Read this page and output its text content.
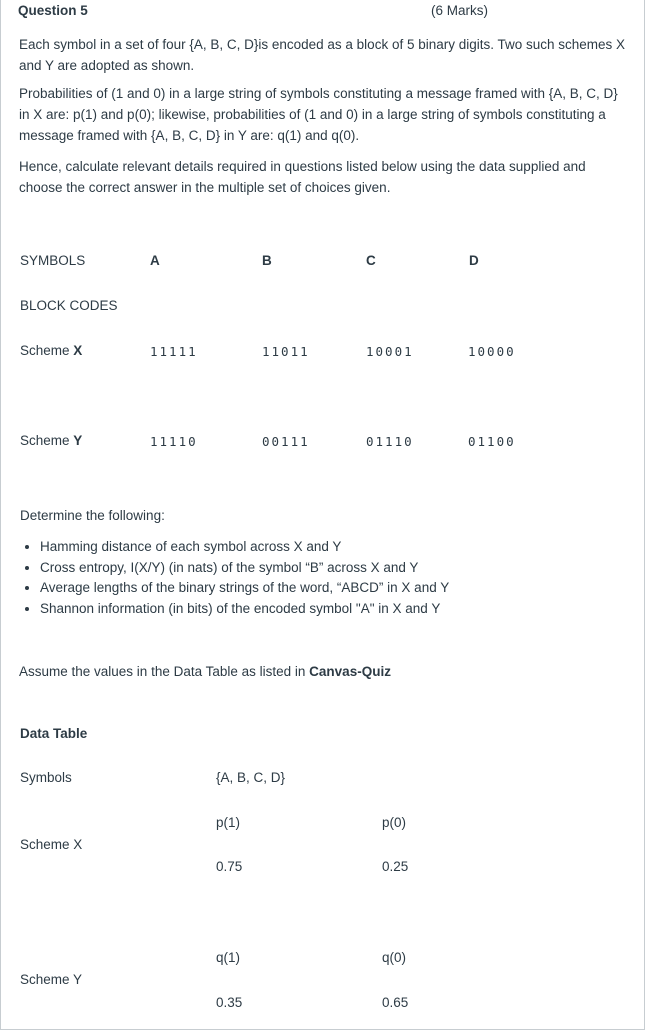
Question 5	(6 Marks)
Each symbol in a set of four {A, B, C, D}is encoded as a block of 5 binary digits. Two such schemes X and Y are adopted as shown.
Probabilities of (1 and 0) in a large string of symbols constituting a message framed with {A, B, C, D} in X are: p(1) and p(0); likewise, probabilities of (1 and 0) in a large string of symbols constituting a message framed with {A, B, C, D} in Y are: q(1) and q(0).
Hence, calculate relevant details required in questions listed below using the data supplied and choose the correct answer in the multiple set of choices given.
SYMBOLS	A	B	C	D
BLOCK CODES
Scheme X	11111	11011	10001	10000
Scheme Y	11110	00111	01110	01100
Determine the following:
• Hamming distance of each symbol across X and Y
• Cross entropy, I(X/Y) (in nats) of the symbol “B” across X and Y
• Average lengths of the binary strings of the word, “ABCD” in X and Y
• Shannon information (in bits) of the encoded symbol "A" in X and Y
Assume the values in the Data Table as listed in Canvas-Quiz
Data Table
Symbols	{A, B, C, D}
p(1)	p(0)
Scheme X
0.75	0.25
q(1)	q(0)
Scheme Y
0.35	0.65
